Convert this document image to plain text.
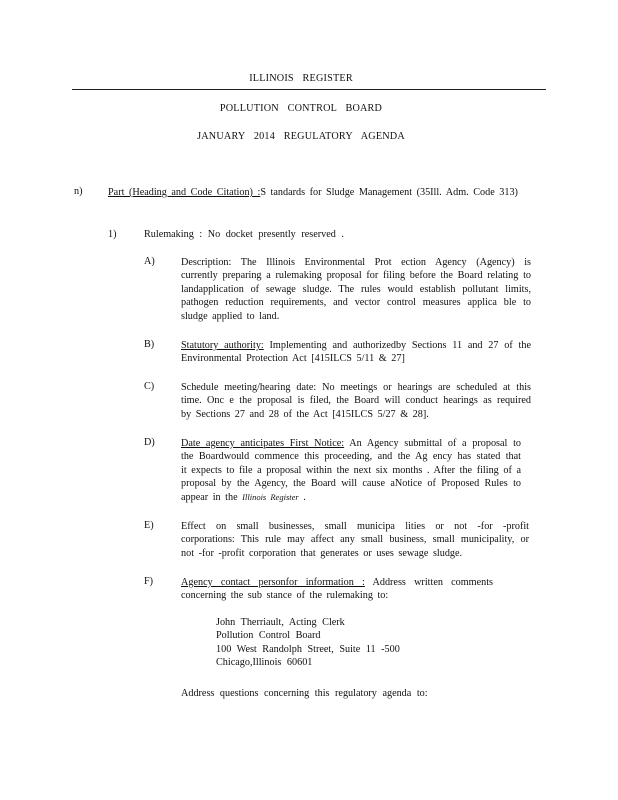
ILLINOIS REGISTER
POLLUTION CONTROL BOARD
JANUARY 2014 REGULATORY AGENDA
n)	Part (Heading and Code Citation) :S tandards for Sludge Management (35Ill. Adm. Code 313)
1)	Rulemaking : No docket presently reserved .
A)	Description: The Illinois Environmental Prot ection Agency (Agency) is currently preparing a rulemaking proposal for filing before the Board relating to landapplication of sewage sludge. The rules would establish pollutant limits, pathogen reduction requirements, and vector control measures applica ble to sludge applied to land.
B)	Statutory authority: Implementing and authorizedby Sections 11 and 27 of the Environmental Protection Act [415ILCS 5/11 & 27]
C)	Schedule meeting/hearing date: No meetings or hearings are scheduled at this time. Onc e the proposal is filed, the Board will conduct hearings as required by Sections 27 and 28 of the Act [415ILCS 5/27 & 28].
D)	Date agency anticipates First Notice: An Agency submittal of a proposal to the Boardwould commence this proceeding, and the Ag ency has stated that it expects to file a proposal within the next six months . After the filing of a proposal by the Agency, the Board will cause aNotice of Proposed Rules to appear in the Illinois Register .
E)	Effect on small businesses, small municipa lities or not -for -profit corporations: This rule may affect any small business, small municipality, or not -for -profit corporation that generates or uses sewage sludge.
F)	Agency contact personfor information : Address written comments concerning the sub stance of the rulemaking to:
John Therriault, Acting Clerk
Pollution Control Board
100 West Randolph Street, Suite 11 -500
Chicago,Illinois 60601
Address questions concerning this regulatory agenda to:
